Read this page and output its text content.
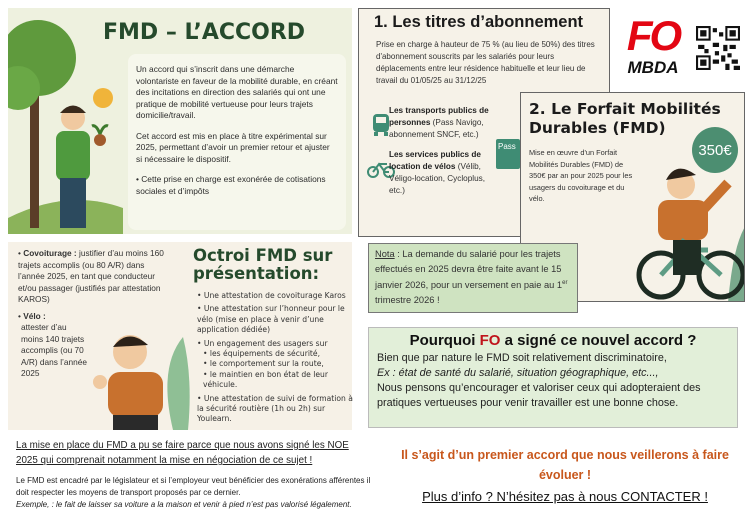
FMD – L’ACCORD

Un accord qui s’inscrit dans une démarche volontariste en faveur de la mobilité durable, en créant des incitations en direction des salariés qui ont une pratique de mobilité vertueuse pour leurs trajets domicilie/travail.

Cet accord est mis en place à titre expérimental sur 2025, permettant d’avoir un premier retour et ajuster si nécessaire le dispositif.

• Cette prise en charge est exonérée de cotisations sociales et d’impôts

1. Les titres d’abonnement
Prise en charge à hauteur de 75 % (au lieu de 50%) des titres d'abonnement souscrits par les salariés pour leurs déplacements entre leur résidence habituelle et leur lieu de travail du 01/05/25 au 31/12/25
Les transports publics de personnes (Pass Navigo, abonnement SNCF, etc.)
Les services publics de location de vélos (Vélib, Véligo-location, Cycloplus, etc.)
Pass
FO
MBDA
2. Le Forfait Mobilités Durables (FMD)
Mise en œuvre d'un Forfait Mobilités Durables (FMD) de 350€ par an pour 2025 pour les usagers du covoiturage et du vélo.
350€
• Covoiturage : justifier d’au moins 160 trajets accomplis (ou 80 A/R) dans l’année 2025, en tant que conducteur et/ou passager (justifiés par attestation KAROS)
• Vélo :
attester d’au moins 140 trajets accomplis (ou 70 A/R) dans l’année 2025
Octroi FMD sur présentation:
• Une attestation de covoiturage Karos
• Une attestation sur l’honneur pour le vélo (mise en place à venir d’une application dédiée)
• Un engagement des usagers sur
• les équipements de sécurité,
• le comportement sur la route,
• le maintien en bon état de leur véhicule.
• Une attestation de suivi de formation à la sécurité routière (1h ou 2h) sur Youlearn.
Nota : La demande du salarié pour les trajets effectués en 2025 devra être faite avant le 15 janvier 2026, pour un versement en paie au 1er trimestre 2026 !
Pourquoi FO a signé ce nouvel accord ?

Bien que par nature le FMD soit relativement discriminatoire,

Ex : état de santé du salarié, situation géographique, etc...,

Nous pensons qu’encourager et valoriser ceux qui adopteraient des pratiques vertueuses pour venir travailler est une bonne chose.

La mise en place du FMD a pu se faire parce que nous avons signé les NOE 2025 qui comprenait notamment la mise en négociation de ce sujet !
Le FMD est encadré par le législateur et si l’employeur veut bénéficier des exonérations afférentes il doit respecter les moyens de transport proposés par ce dernier.
Exemple, : le fait de laisser sa voiture a la maison et venir à pied n’est pas valorisé légalement.
Il s’agit d’un premier accord que nous veillerons à faire évoluer !
Plus d’info ? N’hésitez pas à nous CONTACTER !
